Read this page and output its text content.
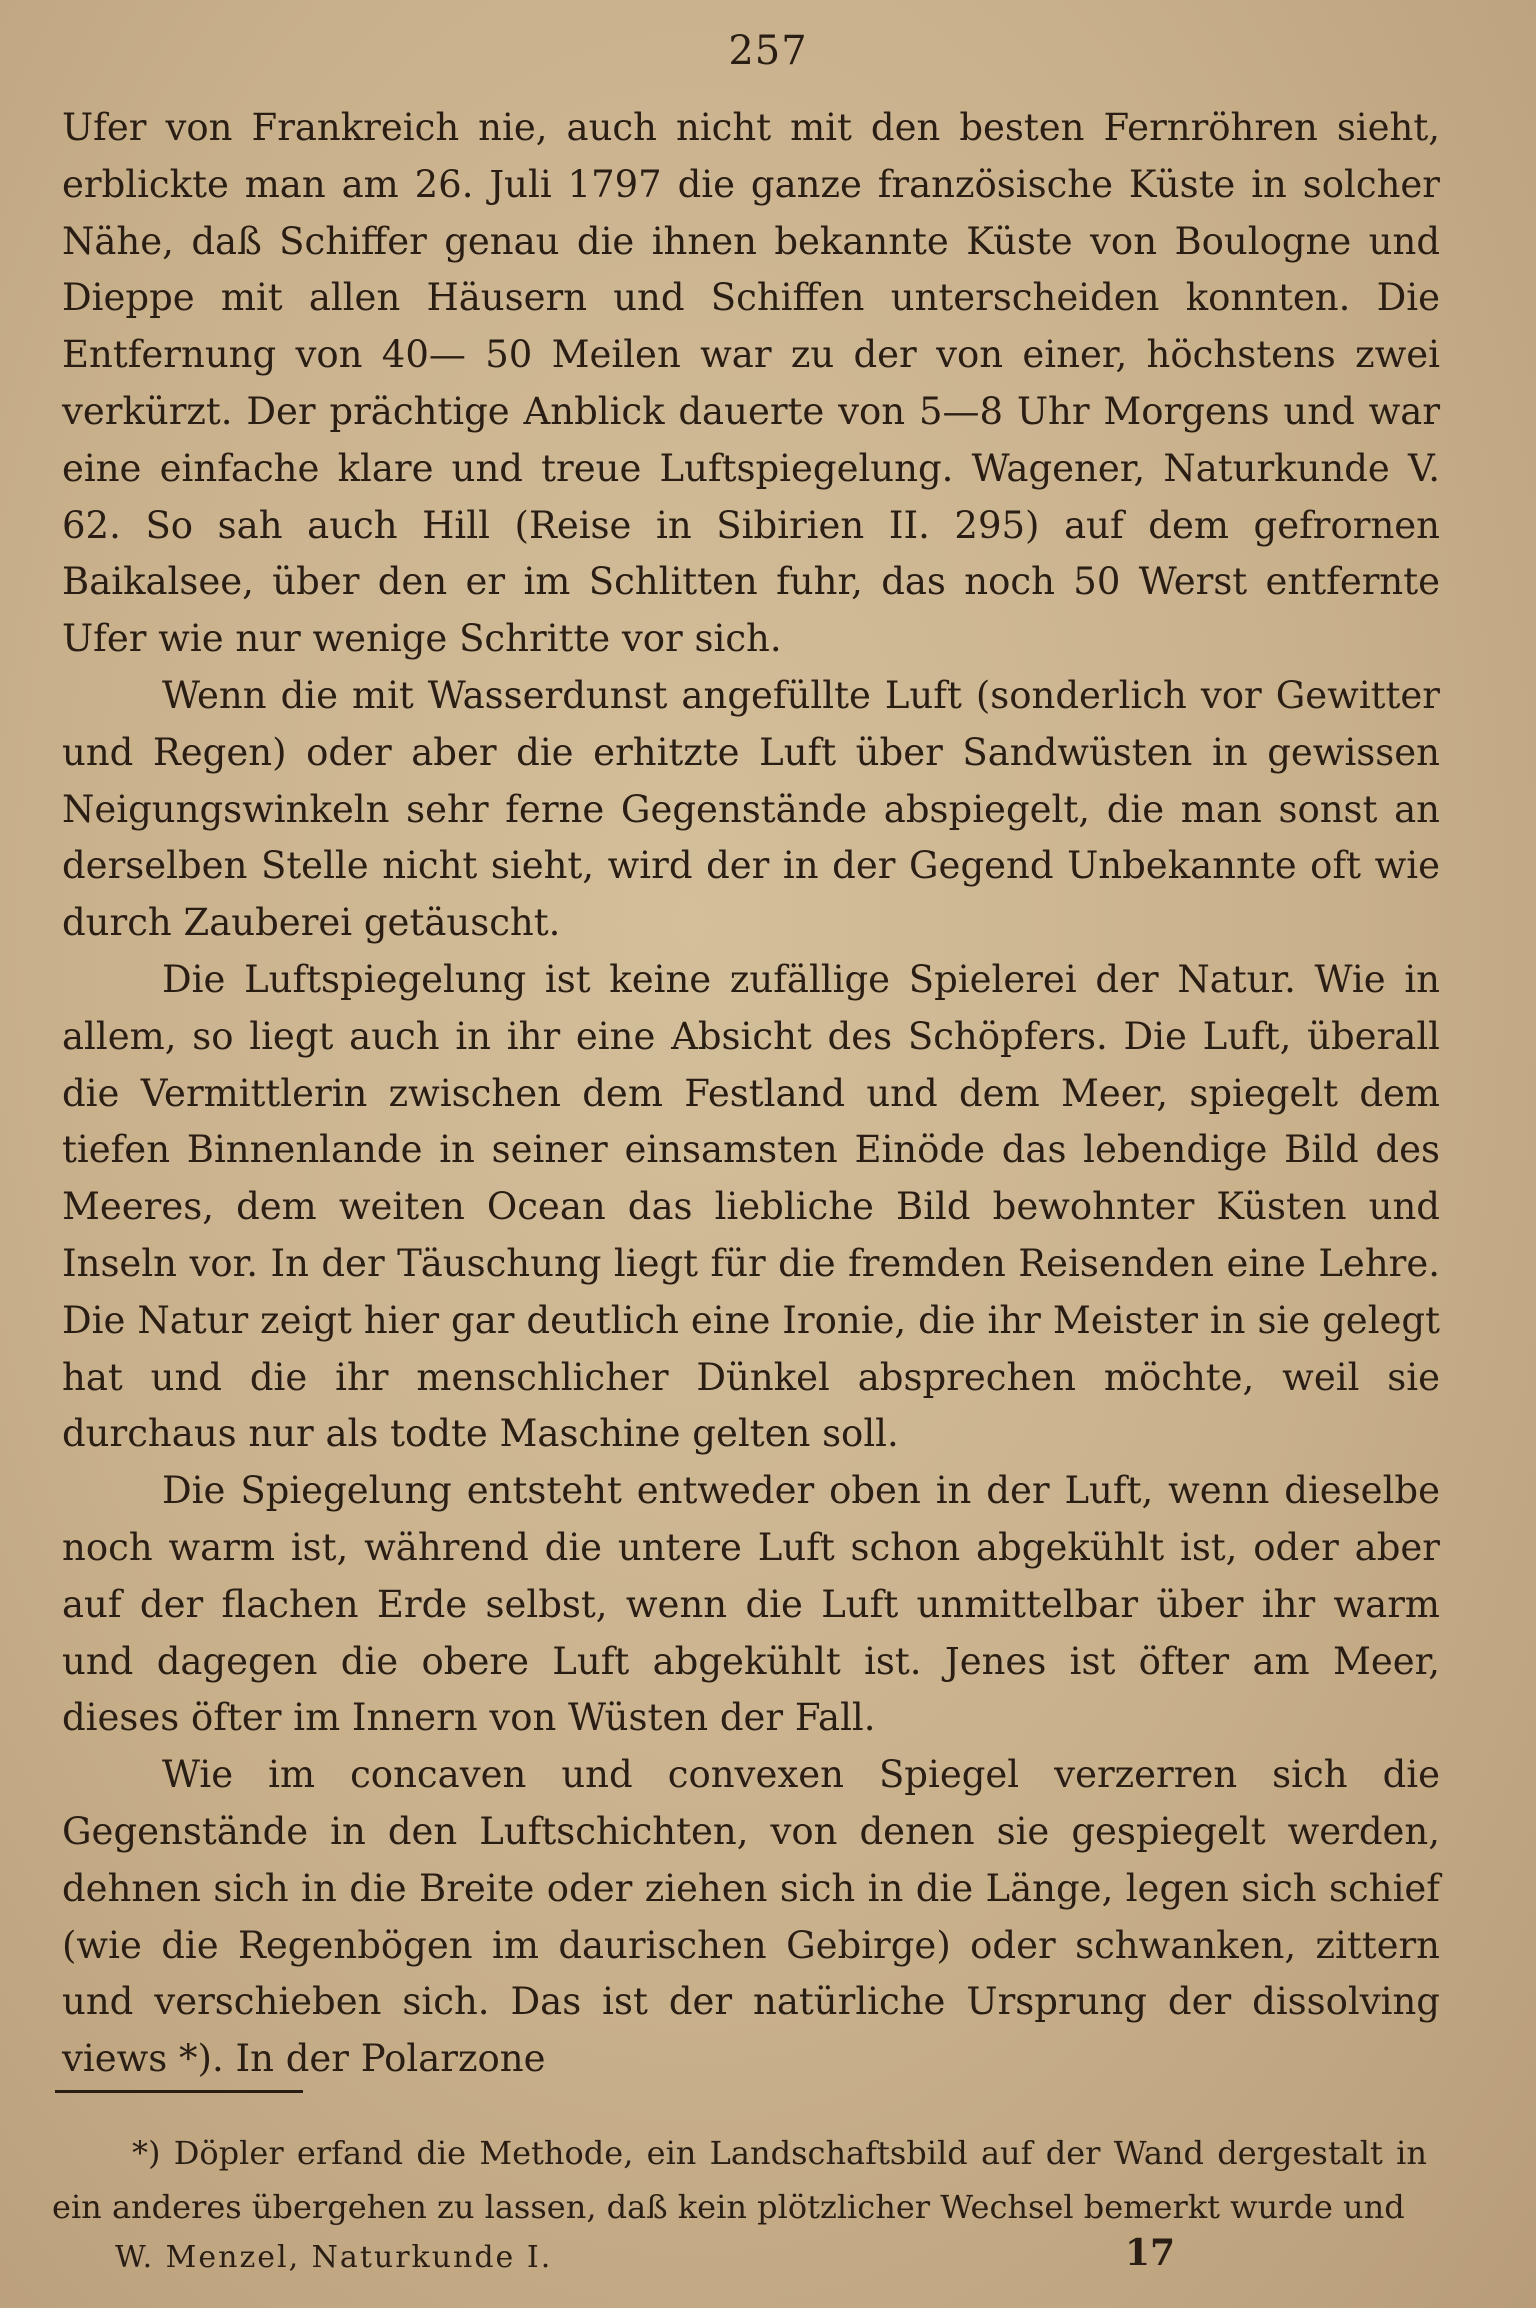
257

Ufer von Frankreich nie, auch nicht mit den besten Fernröhren sieht, erblickte man am 26. Juli 1797 die ganze französische Küste in solcher Nähe, daß Schiffer genau die ihnen bekannte Küste von Boulogne und Dieppe mit allen Häusern und Schiffen unterscheiden konnten. Die Entfernung von 40— 50 Meilen war zu der von einer, höchstens zwei verkürzt. Der prächtige Anblick dauerte von 5—8 Uhr Morgens und war eine einfache klare und treue Luftspiegelung. Wagener, Naturkunde V. 62. So sah auch Hill (Reise in Sibirien II. 295) auf dem gefrornen Baikalsee, über den er im Schlitten fuhr, das noch 50 Werst entfernte Ufer wie nur wenige Schritte vor sich.

Wenn die mit Wasserdunst angefüllte Luft (sonderlich vor Gewitter und Regen) oder aber die erhitzte Luft über Sandwüsten in gewissen Neigungswinkeln sehr ferne Gegenstände abspiegelt, die man sonst an derselben Stelle nicht sieht, wird der in der Gegend Unbekannte oft wie durch Zauberei getäuscht.

Die Luftspiegelung ist keine zufällige Spielerei der Natur. Wie in allem, so liegt auch in ihr eine Absicht des Schöpfers. Die Luft, überall die Vermittlerin zwischen dem Festland und dem Meer, spiegelt dem tiefen Binnenlande in seiner einsamsten Einöde das lebendige Bild des Meeres, dem weiten Ocean das liebliche Bild bewohnter Küsten und Inseln vor. In der Täuschung liegt für die fremden Reisenden eine Lehre. Die Natur zeigt hier gar deutlich eine Ironie, die ihr Meister in sie gelegt hat und die ihr menschlicher Dünkel absprechen möchte, weil sie durchaus nur als todte Maschine gelten soll.

Die Spiegelung entsteht entweder oben in der Luft, wenn dieselbe noch warm ist, während die untere Luft schon abgekühlt ist, oder aber auf der flachen Erde selbst, wenn die Luft unmittelbar über ihr warm und dagegen die obere Luft abgekühlt ist. Jenes ist öfter am Meer, dieses öfter im Innern von Wüsten der Fall.

Wie im concaven und convexen Spiegel verzerren sich die Gegenstände in den Luftschichten, von denen sie gespiegelt werden, dehnen sich in die Breite oder ziehen sich in die Länge, legen sich schief (wie die Regenbögen im daurischen Gebirge) oder schwanken, zittern und verschieben sich. Das ist der natürliche Ursprung der dissolving views *). In der Polarzone

*) Döpler erfand die Methode, ein Landschaftsbild auf der Wand dergestalt in ein anderes übergehen zu lassen, daß kein plötzlicher Wechsel bemerkt wurde und
W. Menzel, Naturkunde I.	17
